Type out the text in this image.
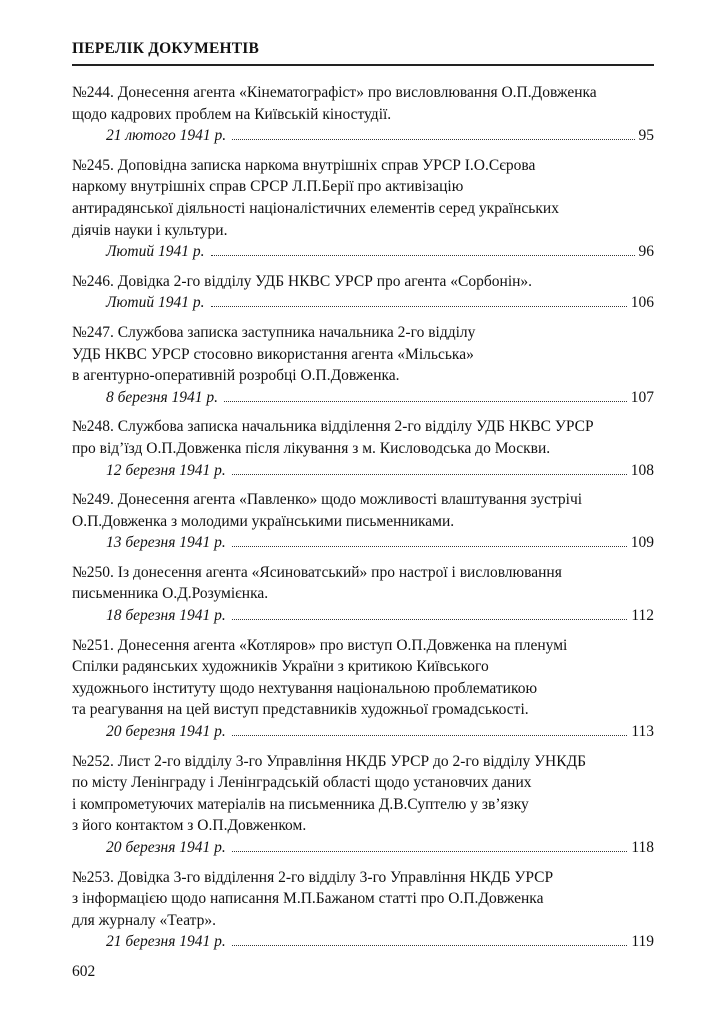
ПЕРЕЛІК ДОКУМЕНТІВ
№244. Донесення агента «Кінематографіст» про висловлювання О.П.Довженка
щодо кадрових проблем на Київській кіностудії.
21 лютого 1941 р.	95
№245. Доповідна записка наркома внутрішніх справ УРСР І.О.Сєрова
наркому внутрішніх справ СРСР Л.П.Берії про активізацію
антирадянської діяльності націоналістичних елементів серед українських
діячів науки і культури.
Лютий 1941 р.	96
№246. Довідка 2-го відділу УДБ НКВС УРСР про агента «Сорбонін».
Лютий 1941 р.	106
№247. Службова записка заступника начальника 2-го відділу
УДБ НКВС УРСР стосовно використання агента «Мільська»
в агентурно-оперативній розробці О.П.Довженка.
8 березня 1941 р.	107
№248. Службова записка начальника відділення 2-го відділу УДБ НКВС УРСР
про від’їзд О.П.Довженка після лікування з м. Кисловодська до Москви.
12 березня 1941 р.	108
№249. Донесення агента «Павленко» щодо можливості влаштування зустрічі
О.П.Довженка з молодими українськими письменниками.
13 березня 1941 р.	109
№250. Із донесення агента «Ясиноватський» про настрої і висловлювання
письменника О.Д.Розумієнка.
18 березня 1941 р.	112
№251. Донесення агента «Котляров» про виступ О.П.Довженка на пленумі
Спілки радянських художників України з критикою Київського
художнього інституту щодо нехтування національною проблематикою
та реагування на цей виступ представників художньої громадськості.
20 березня 1941 р.	113
№252. Лист 2-го відділу 3-го Управління НКДБ УРСР до 2-го відділу УНКДБ
по місту Ленінграду і Ленінградській області щодо установчих даних
і компрометуючих матеріалів на письменника Д.В.Суптелю у зв’язку
з його контактом з О.П.Довженком.
20 березня 1941 р.	118
№253. Довідка 3-го відділення 2-го відділу 3-го Управління НКДБ УРСР
з інформацією щодо написання М.П.Бажаном статті про О.П.Довженка
для журналу «Театр».
21 березня 1941 р.	119
602
